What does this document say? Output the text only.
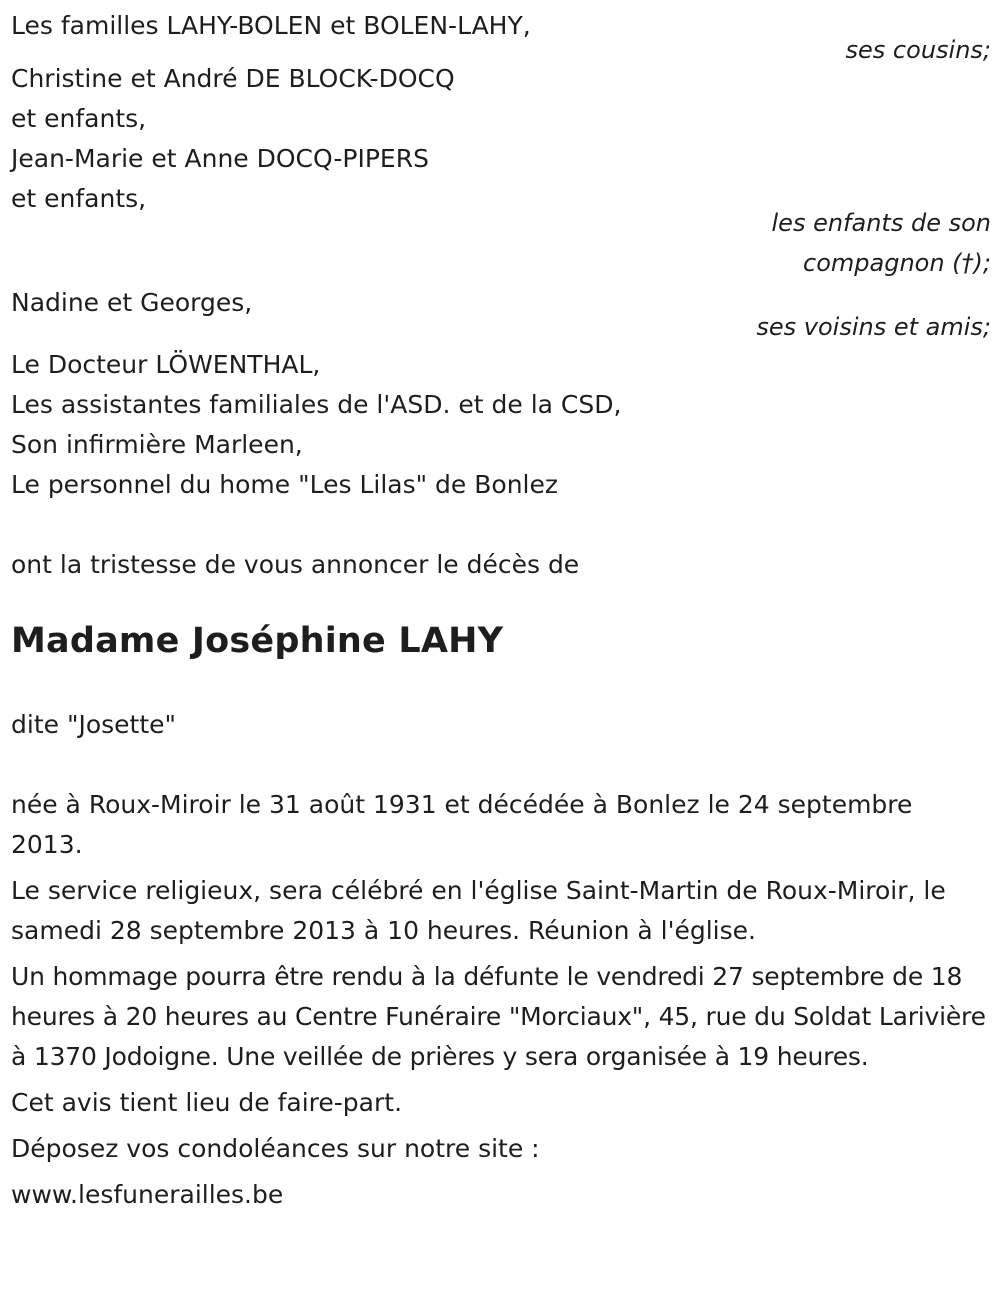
Les familles LAHY-BOLEN et BOLEN-LAHY,

ses cousins;

Christine et André DE BLOCK-DOCQ

et enfants,

Jean-Marie et Anne DOCQ-PIPERS

et enfants,

les enfants de son

compagnon (†);

Nadine et Georges,

ses voisins et amis;

Le Docteur LÖWENTHAL,

Les assistantes familiales de l'ASD. et de la CSD,

Son infirmière Marleen,

Le personnel du home "Les Lilas" de Bonlez

ont la tristesse de vous annoncer le décès de

Madame Joséphine LAHY

dite "Josette"

née à Roux-Miroir le 31 août 1931 et décédée à Bonlez le 24 septembre 2013.

Le service religieux, sera célébré en l'église Saint-Martin de Roux-Miroir, le samedi 28 septembre 2013 à 10 heures. Réunion à l'église.

Un hommage pourra être rendu à la défunte le vendredi 27 septembre de 18 heures à 20 heures au Centre Funéraire "Morciaux", 45, rue du Soldat Larivière à 1370 Jodoigne. Une veillée de prières y sera organisée à 19 heures.

Cet avis tient lieu de faire-part.

Déposez vos condoléances sur notre site :

www.lesfunerailles.be
